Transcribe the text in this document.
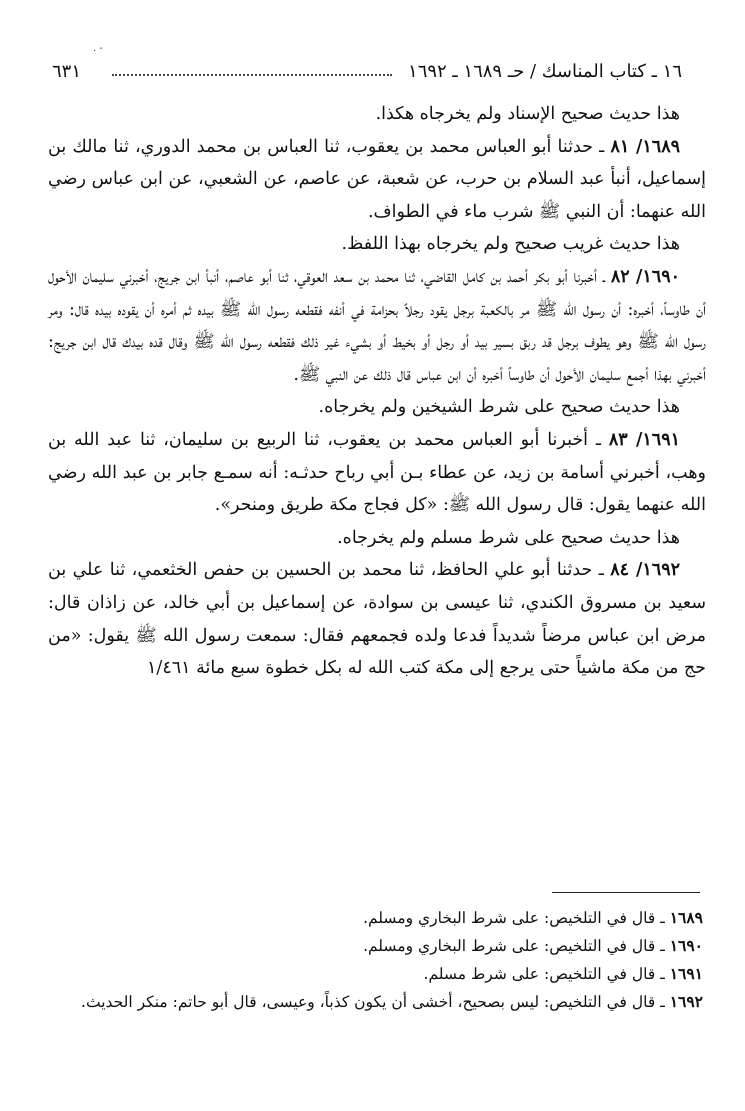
. -
١٦ ـ كتاب المناسك / حـ ١٦٨٩ ـ ١٦٩٢
٦٣١

هذا حديث صحيح الإسناد ولم يخرجاه هكذا.

١٦٨٩/ ٨١ ـ حدثنا أبو العباس محمد بن يعقوب، ثنا العباس بن محمد الدوري، ثنا مالك بن إسماعيل، أنبأ عبد السلام بن حرب، عن شعبة، عن عاصم، عن الشعبي، عن ابن عباس رضي الله عنهما: أن النبي ﷺ شرب ماء في الطواف.

هذا حديث غريب صحيح ولم يخرجاه بهذا اللفظ.

١٦٩٠/ ٨٢ ـ أخبرنا أبو بكر أحمد بن كامل القاضي، ثنا محمد بن سعد العوقي، ثنا أبو عاصم، أنبأ ابن جريج، أخبرني سليمان الأحول أن طاوساً، أخبره: أن رسول الله ﷺ مر بالكعبة برجل يقود رجلاً بحزامة في أنفه فقطعه رسول الله ﷺ بيده ثم أمره أن يقوده بيده قال: ومر رسول الله ﷺ وهو يطوف برجل قد ربق بسير بيد أو رجل أو بخيط أو بشيء غير ذلك فقطعه رسول الله ﷺ وقال قده بيدك قال ابن جريج: أخبرني بهذا أجمع سليمان الأحول أن طاوساً أخبره أن ابن عباس قال ذلك عن النبي ﷺ.

هذا حديث صحيح على شرط الشيخين ولم يخرجاه.

١٦٩١/ ٨٣ ـ أخبرنا أبو العباس محمد بن يعقوب، ثنا الربيع بن سليمان، ثنا عبد الله بن وهب، أخبرني أسامة بن زيد، عن عطاء بـن أبي رباح حدثـه: أنه سمـع جابر بن عبد الله رضي الله عنهما يقول: قال رسول الله ﷺ: «كل فجاج مكة طريق ومنحر».

هذا حديث صحيح على شرط مسلم ولم يخرجاه.

١٦٩٢/ ٨٤ ـ حدثنا أبو علي الحافظ، ثنا محمد بن الحسين بن حفص الخثعمي، ثنا علي بن سعيد بن مسروق الكندي، ثنا عيسى بن سوادة، عن إسماعيل بن أبي خالد، عن زاذان قال: مرض ابن عباس مرضاً شديداً فدعا ولده فجمعهم فقال: سمعت رسول الله ﷺ يقول: «من حج من مكة ماشياً حتى يرجع إلى مكة كتب الله له بكل خطوة سبع مائة ١/٤٦١

١٦٨٩ ـ قال في التلخيص: على شرط البخاري ومسلم.

١٦٩٠ ـ قال في التلخيص: على شرط البخاري ومسلم.

١٦٩١ ـ قال في التلخيص: على شرط مسلم.

١٦٩٢ ـ قال في التلخيص: ليس بصحيح، أخشى أن يكون كذباً، وعيسى، قال أبو حاتم: منكر الحديث.
